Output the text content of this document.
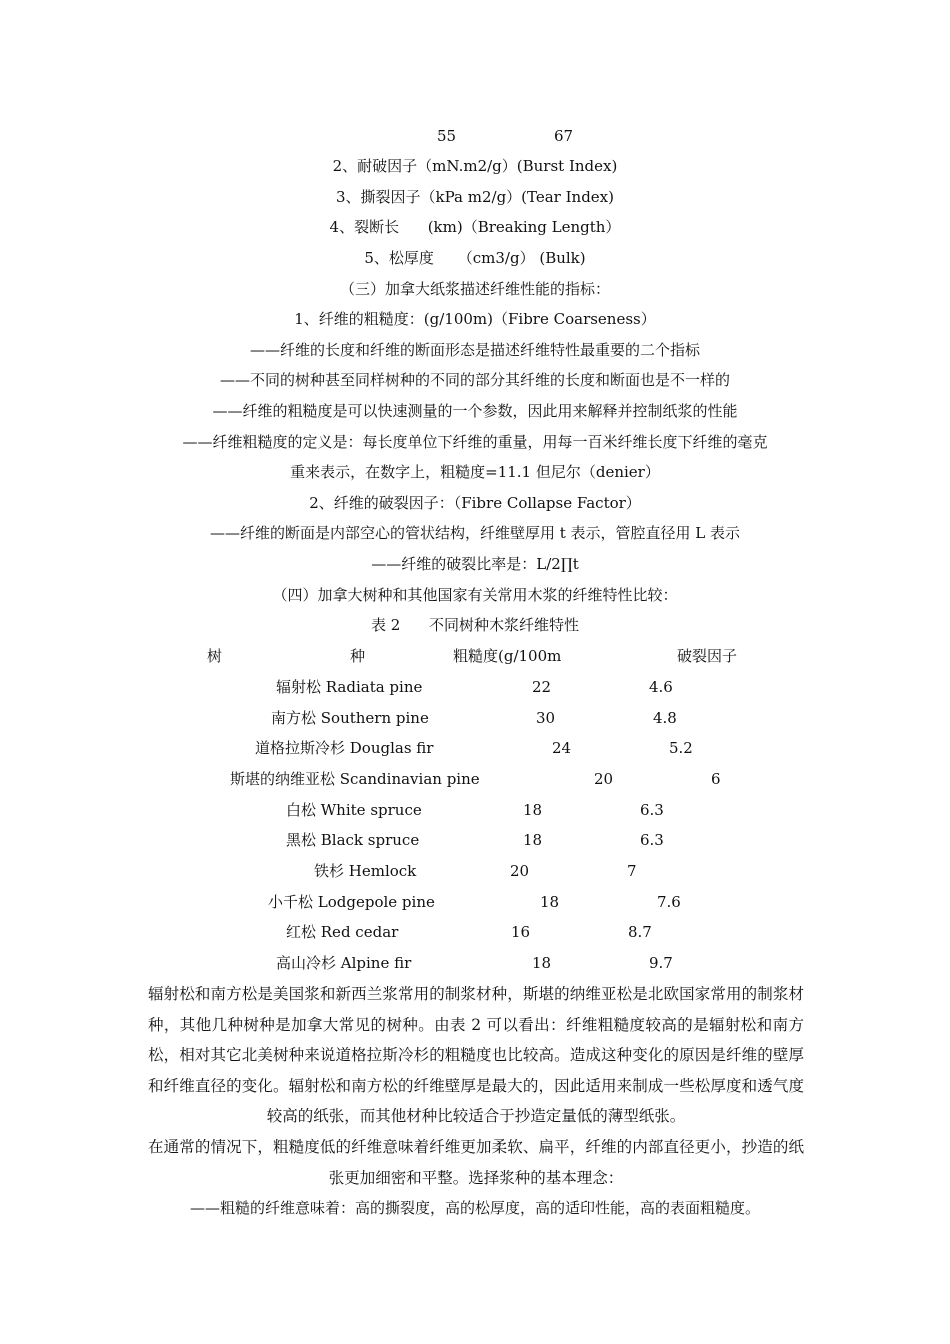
55	67
2、耐破因子（mN.m2/g）(Burst Index)
3、撕裂因子（kPa m2/g）(Tear Index)
4、裂断长      (km)（Breaking Length）
5、松厚度     （cm3/g） (Bulk)
（三）加拿大纸浆描述纤维性能的指标：
1、纤维的粗糙度：(g/100m)（Fibre Coarseness）
——纤维的长度和纤维的断面形态是描述纤维特性最重要的二个指标
——不同的树种甚至同样树种的不同的部分其纤维的长度和断面也是不一样的
——纤维的粗糙度是可以快速测量的一个参数，因此用来解释并控制纸浆的性能
——纤维粗糙度的定义是：每长度单位下纤维的重量，用每一百米纤维长度下纤维的毫克
重来表示，在数字上，粗糙度=11.1 但尼尔（denier）
2、纤维的破裂因子：（Fibre Collapse Factor）
——纤维的断面是内部空心的管状结构，纤维壁厚用 t 表示，管腔直径用 L 表示
——纤维的破裂比率是：L/2∏t
（四）加拿大树种和其他国家有关常用木浆的纤维特性比较：
表 2      不同树种木浆纤维特性
树	种	粗糙度(g/100m	破裂因子
辐射松 Radiata pine	22	4.6
南方松 Southern pine	30	4.8
道格拉斯冷杉 Douglas fir	24	5.2
斯堪的纳维亚松 Scandinavian pine	20	6
白松 White spruce	18	6.3
黑松 Black spruce	18	6.3
铁杉 Hemlock	20	7
小千松 Lodgepole pine	18	7.6
红松 Red cedar	16	8.7
高山冷杉 Alpine fir	18	9.7
辐射松和南方松是美国浆和新西兰浆常用的制浆材种，斯堪的纳维亚松是北欧国家常用的制浆材种，其他几种树种是加拿大常见的树种。由表 2 可以看出：纤维粗糙度较高的是辐射松和南方松，相对其它北美树种来说道格拉斯冷杉的粗糙度也比较高。造成这种变化的原因是纤维的壁厚和纤维直径的变化。辐射松和南方松的纤维壁厚是最大的，因此适用来制成一些松厚度和透气度较高的纸张，而其他材种比较适合于抄造定量低的薄型纸张。
在通常的情况下，粗糙度低的纤维意味着纤维更加柔软、扁平，纤维的内部直径更小，抄造的纸张更加细密和平整。选择浆种的基本理念：
——粗糙的纤维意味着：高的撕裂度，高的松厚度，高的适印性能，高的表面粗糙度。
